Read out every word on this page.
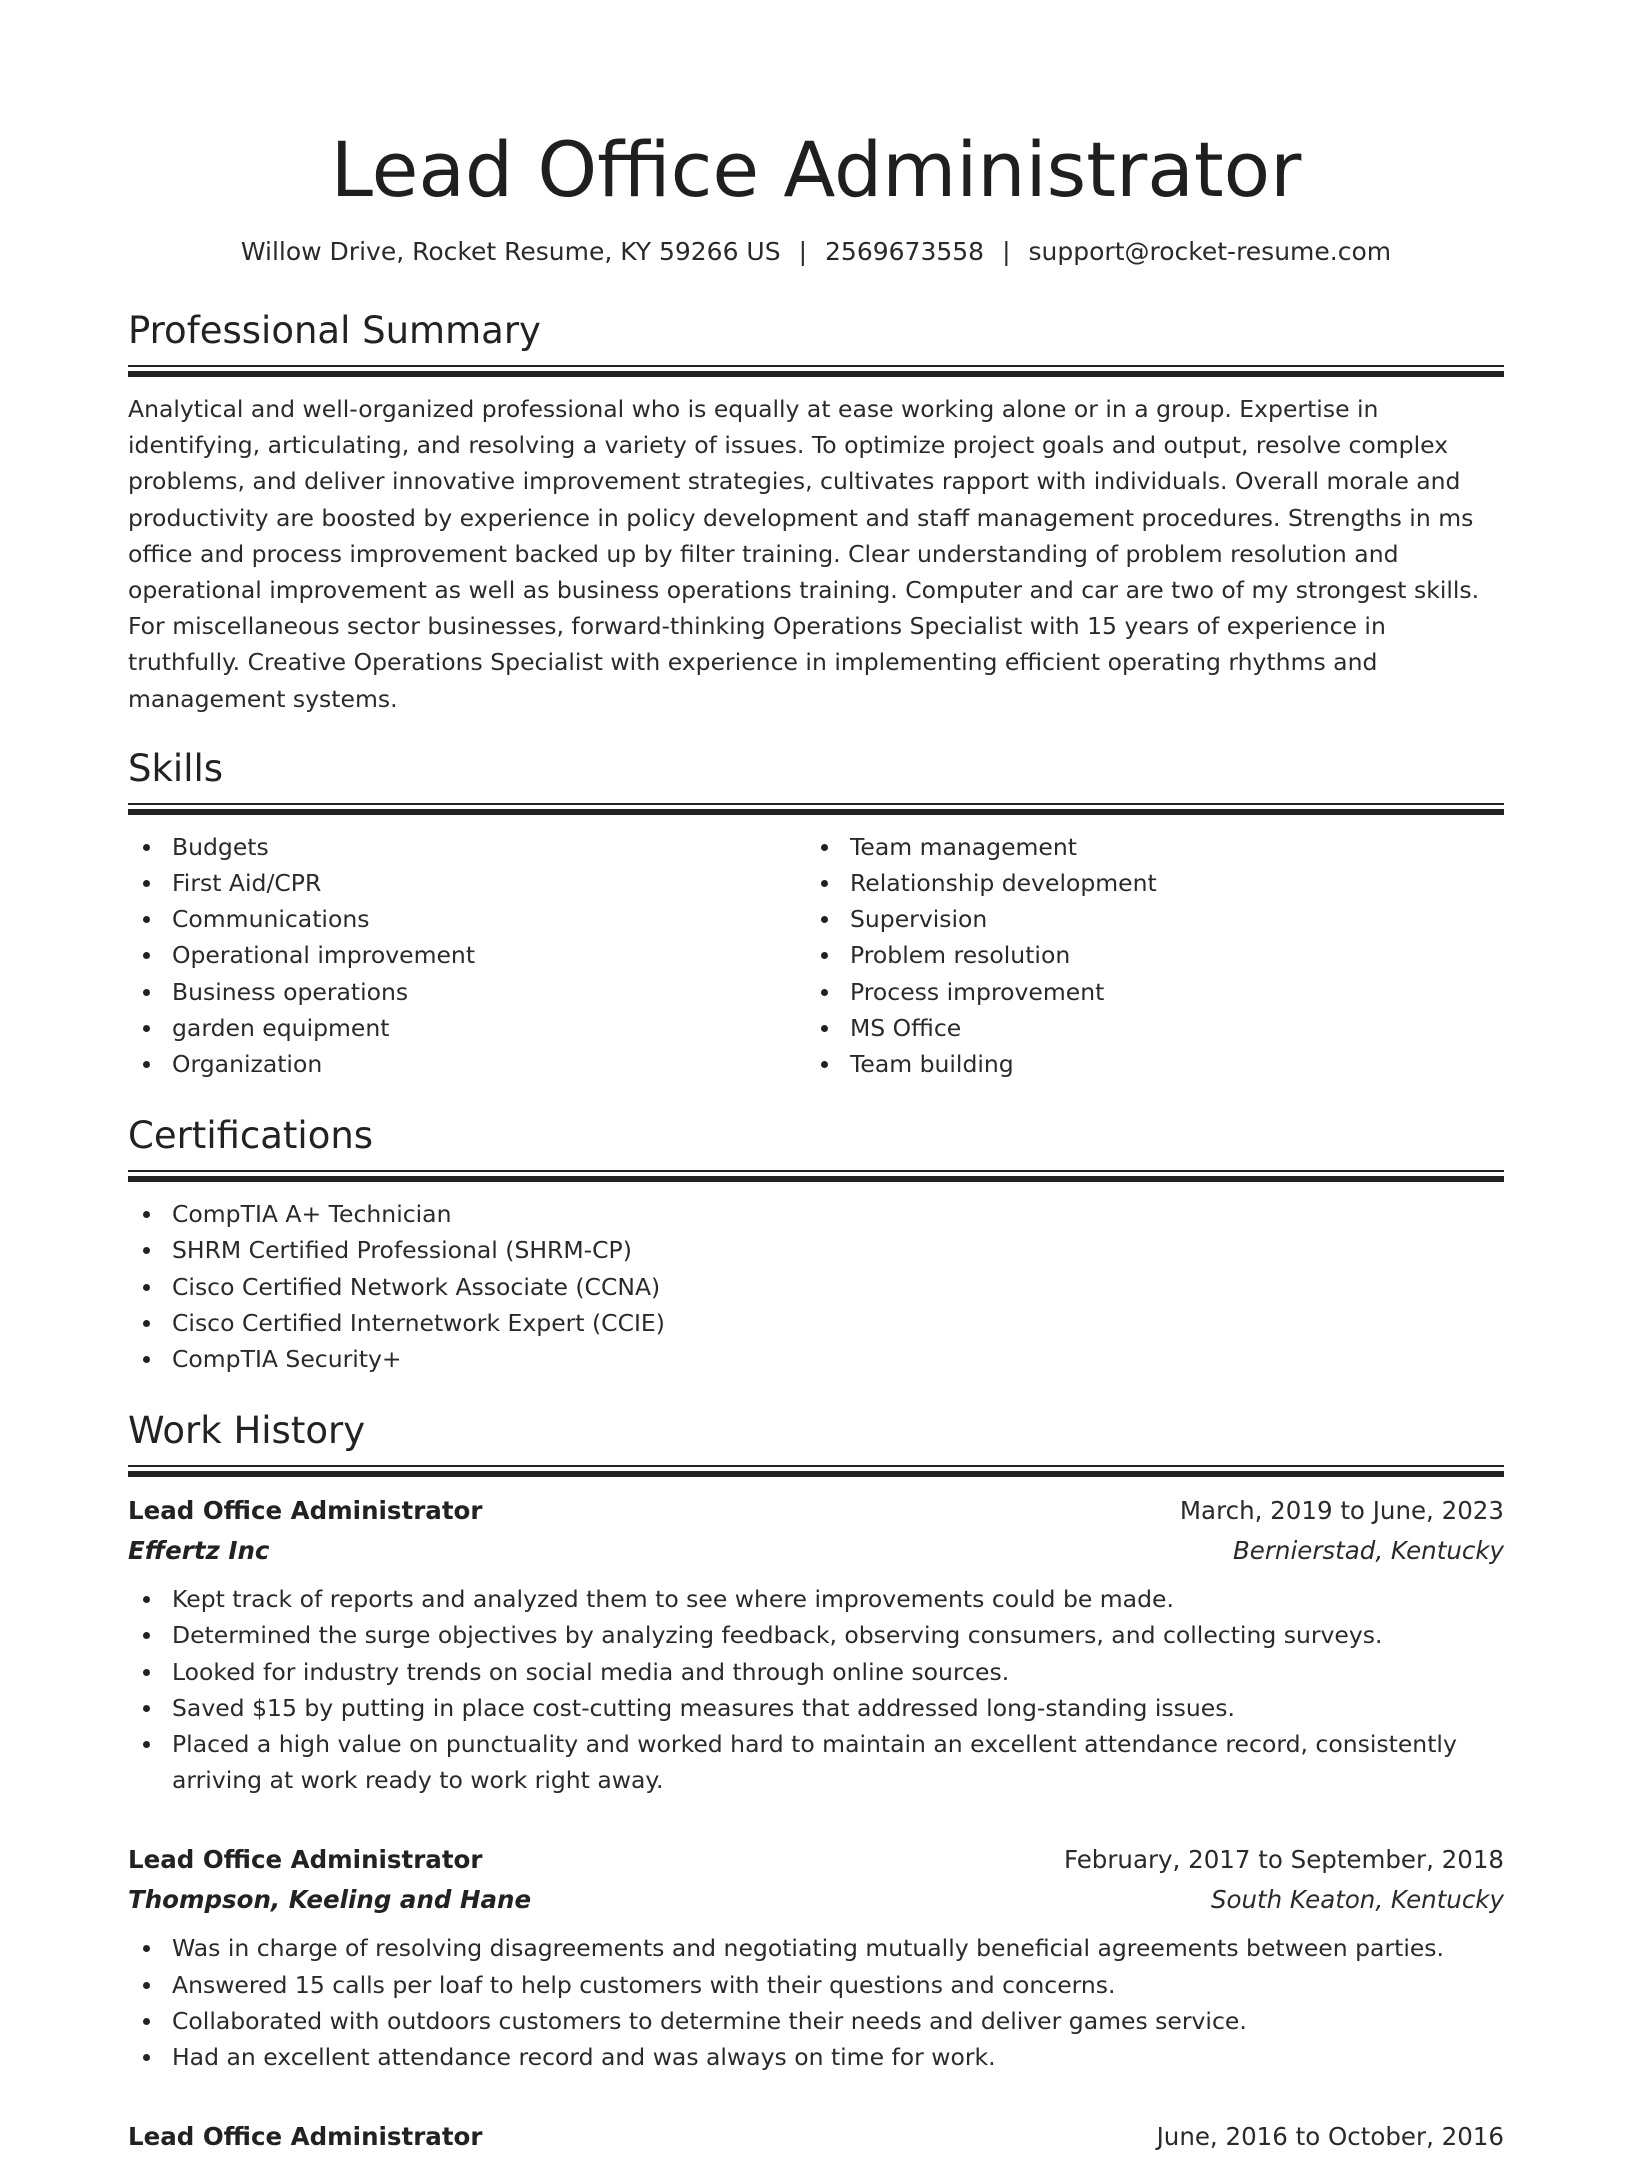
Lead Office Administrator
Willow Drive, Rocket Resume, KY 59266 US | 2569673558 | support@rocket-resume.com
Professional Summary

Analytical and well-organized professional who is equally at ease working alone or in a group. Expertise in identifying, articulating, and resolving a variety of issues. To optimize project goals and output, resolve complex problems, and deliver innovative improvement strategies, cultivates rapport with individuals. Overall morale and productivity are boosted by experience in policy development and staff management procedures. Strengths in ms office and process improvement backed up by filter training. Clear understanding of problem resolution and operational improvement as well as business operations training. Computer and car are two of my strongest skills. For miscellaneous sector businesses, forward-thinking Operations Specialist with 15 years of experience in truthfully. Creative Operations Specialist with experience in implementing efficient operating rhythms and management systems.

Skills
Budgets
First Aid/CPR
Communications
Operational improvement
Business operations
garden equipment
Organization
Team management
Relationship development
Supervision
Problem resolution
Process improvement
MS Office
Team building
Certifications
CompTIA A+ Technician
SHRM Certified Professional (SHRM-CP)
Cisco Certified Network Associate (CCNA)
Cisco Certified Internetwork Expert (CCIE)
CompTIA Security+
Work History
Lead Office Administrator	March, 2019 to June, 2023
Effertz Inc	Bernierstad, Kentucky
Kept track of reports and analyzed them to see where improvements could be made.
Determined the surge objectives by analyzing feedback, observing consumers, and collecting surveys.
Looked for industry trends on social media and through online sources.
Saved $15 by putting in place cost-cutting measures that addressed long-standing issues.
Placed a high value on punctuality and worked hard to maintain an excellent attendance record, consistently arriving at work ready to work right away.
Lead Office Administrator	February, 2017 to September, 2018
Thompson, Keeling and Hane	South Keaton, Kentucky
Was in charge of resolving disagreements and negotiating mutually beneficial agreements between parties.
Answered 15 calls per loaf to help customers with their questions and concerns.
Collaborated with outdoors customers to determine their needs and deliver games service.
Had an excellent attendance record and was always on time for work.
Lead Office Administrator	June, 2016 to October, 2016
